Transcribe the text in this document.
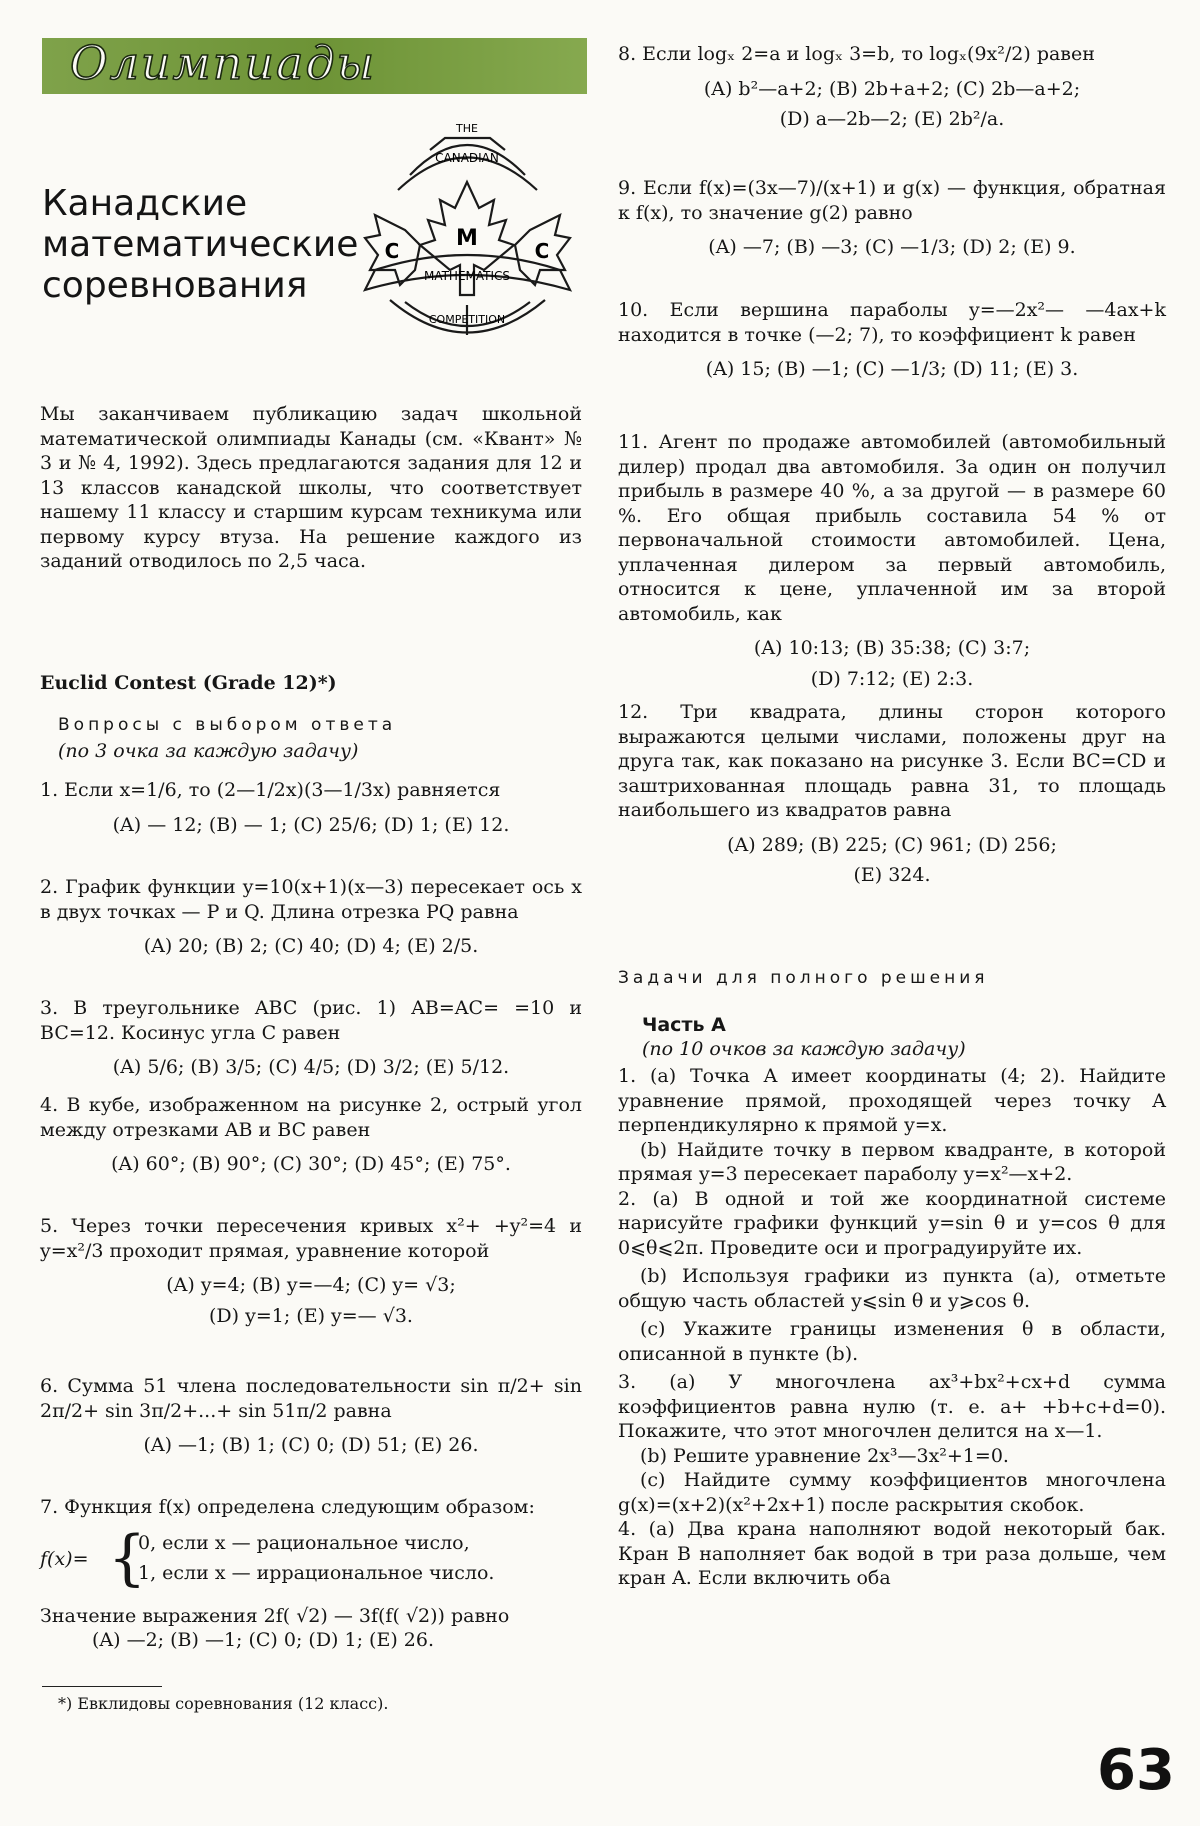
Олимпиады
Канадские
математические
соревнования
THE
CANADIAN
MATHEMATICS
COMPETITION
C	M	C

Мы заканчиваем публикацию задач школьной математической олимпиады Канады (см. «Квант» № 3 и № 4, 1992). Здесь предлагаются задания для 12 и 13 классов канадской школы, что соответствует нашему 11 классу и старшим курсам техникума или первому курсу втуза. На решение каждого из заданий отводилось по 2,5 часа.

Euclid Contest (Grade 12)*)
Вопросы с выбором ответа
(по 3 очка за каждую задачу)

1. Если x=1/6, то (2—1/2x)(3—1/3x) равняется

(A) — 12; (B) — 1; (C) 25/6; (D) 1; (E) 12.

2. График функции y=10(x+1)(x—3) пересекает ось x в двух точках — P и Q. Длина отрезка PQ равна

(A) 20; (B) 2; (C) 40; (D) 4; (E) 2/5.

3. В треугольнике ABC (рис. 1) AB=AC= =10 и BC=12. Косинус угла C равен

(A) 5/6; (B) 3/5; (C) 4/5; (D) 3/2; (E) 5/12.

4. В кубе, изображенном на рисунке 2, острый угол между отрезками AB и BC равен

(A) 60°; (B) 90°; (C) 30°; (D) 45°; (E) 75°.

5. Через точки пересечения кривых x²+ +y²=4 и y=x²/3 проходит прямая, уравнение которой

(A) y=4; (B) y=—4; (C) y= √3;

(D) y=1; (E) y=— √3.

6. Сумма 51 члена последовательности sin π/2+ sin 2π/2+ sin 3π/2+...+ sin 51π/2 равна

(A) —1; (B) 1; (C) 0; (D) 51; (E) 26.

7. Функция f(x) определена следующим образом:

f(x)= {
0, если x — рациональное число,
1, если x — иррациональное число.

Значение выражения 2f( √2) — 3f(f( √2)) равно

(A) —2; (B) —1; (C) 0; (D) 1; (E) 26.

*) Евклидовы соревнования (12 класс).

8. Если logₓ 2=a и logₓ 3=b, то logₓ(9x²/2) равен

(A) b²—a+2; (B) 2b+a+2; (C) 2b—a+2;

(D) a—2b—2; (E) 2b²/a.

9. Если f(x)=(3x—7)/(x+1) и g(x) — функция, обратная к f(x), то значение g(2) равно

(A) —7; (B) —3; (C) —1/3; (D) 2; (E) 9.

10. Если вершина параболы y=—2x²— —4ax+k находится в точке (—2; 7), то коэффициент k равен

(A) 15; (B) —1; (C) —1/3; (D) 11; (E) 3.

11. Агент по продаже автомобилей (автомобильный дилер) продал два автомобиля. За один он получил прибыль в размере 40 %, а за другой — в размере 60 %. Его общая прибыль составила 54 % от первоначальной стоимости автомобилей. Цена, уплаченная дилером за первый автомобиль, относится к цене, уплаченной им за второй автомобиль, как

(A) 10:13; (B) 35:38; (C) 3:7;

(D) 7:12; (E) 2:3.

12. Три квадрата, длины сторон которого выражаются целыми числами, положены друг на друга так, как показано на рисунке 3. Если BC=CD и заштрихованная площадь равна 31, то площадь наибольшего из квадратов равна

(A) 289; (B) 225; (C) 961; (D) 256;

(E) 324.

Задачи для полного решения
Часть А
(по 10 очков за каждую задачу)

1. (a) Точка A имеет координаты (4; 2). Найдите уравнение прямой, проходящей через точку A перпендикулярно к прямой y=x.

(b) Найдите точку в первом квадранте, в которой прямая y=3 пересекает параболу y=x²—x+2.

2. (a) В одной и той же координатной системе нарисуйте графики функций y=sin θ и y=cos θ для 0⩽θ⩽2π. Проведите оси и проградуируйте их.

(b) Используя графики из пункта (a), отметьте общую часть областей y⩽sin θ и y⩾cos θ.

(c) Укажите границы изменения θ в области, описанной в пункте (b).

3. (a) У многочлена ax³+bx²+cx+d сумма коэффициентов равна нулю (т. е. a+ +b+c+d=0). Покажите, что этот многочлен делится на x—1.

(b) Решите уравнение 2x³—3x²+1=0.

(c) Найдите сумму коэффициентов многочлена g(x)=(x+2)(x²+2x+1) после раскрытия скобок.

4. (a) Два крана наполняют водой некоторый бак. Кран B наполняет бак водой в три раза дольше, чем кран A. Если включить оба

63
